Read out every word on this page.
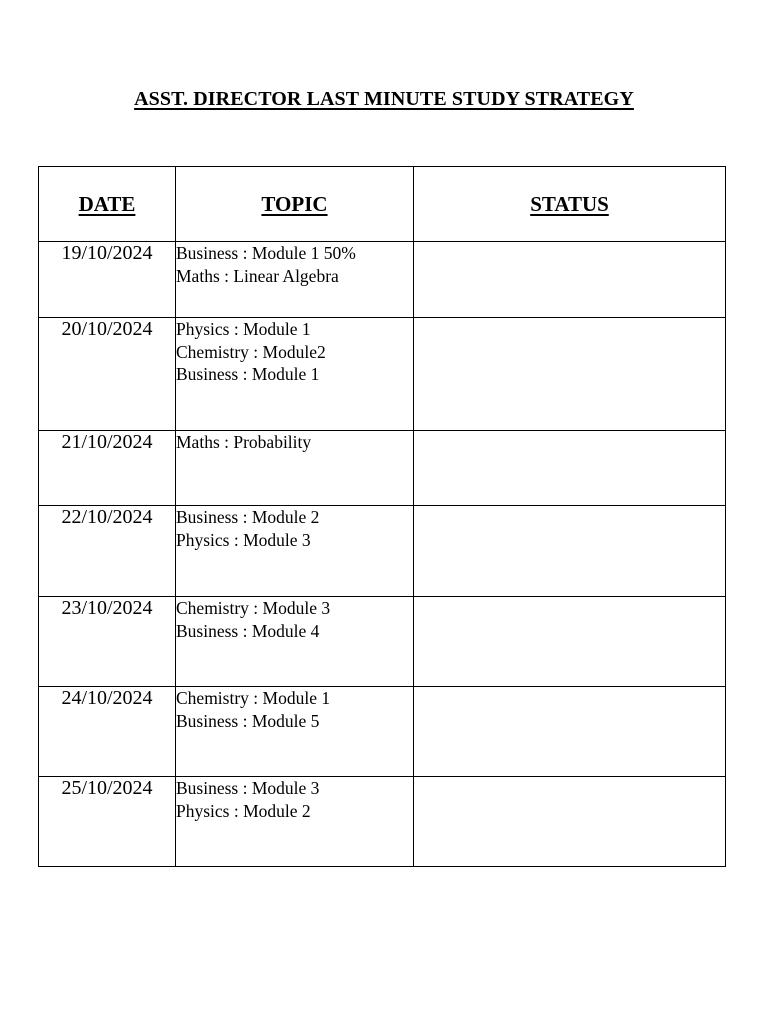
ASST. DIRECTOR LAST MINUTE STUDY STRATEGY
DATE	TOPIC	STATUS
19/10/2024	Business : Module 1 50%
Maths : Linear Algebra	

20/10/2024	Physics : Module 1
Chemistry : Module2
Business : Module 1	

21/10/2024	Maths : Probability	

22/10/2024	Business : Module 2
Physics : Module 3	

23/10/2024	Chemistry : Module 3
Business : Module 4	

24/10/2024	Chemistry : Module 1
Business : Module 5	

25/10/2024	Business : Module 3
Physics : Module 2	
